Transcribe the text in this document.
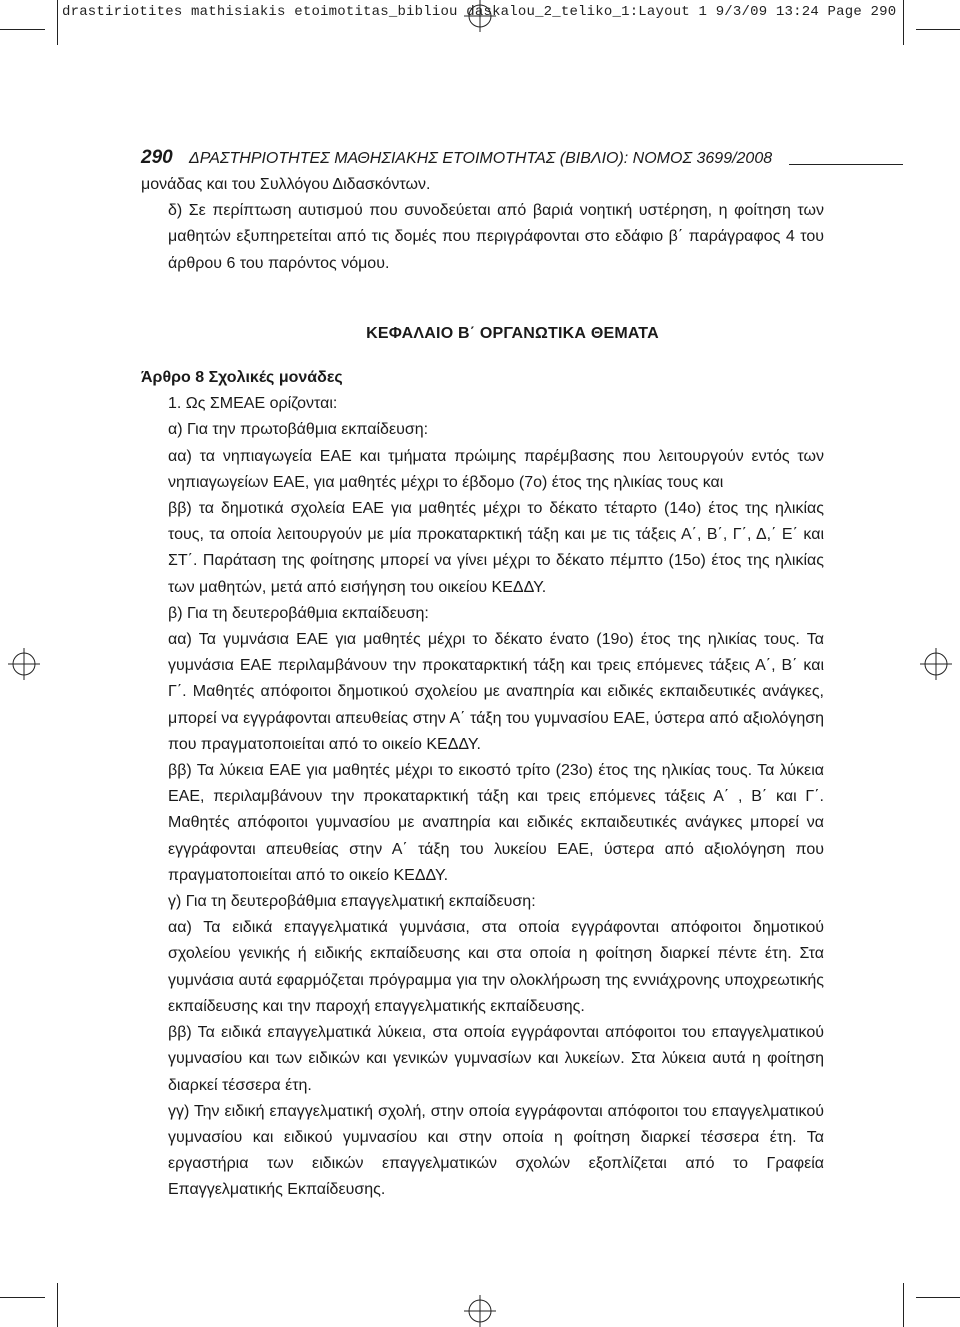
drastiriotites mathisiakis etoimotitas_bibliou daskalou_2_teliko_1:Layout 1 9/3/09 13:24 Page 290
290 ΔΡΑΣΤΗΡΙΟΤΗΤΕΣ ΜΑΘΗΣΙΑΚΗΣ ΕΤΟΙΜΟΤΗΤΑΣ (ΒΙΒΛΙΟ): ΝΟΜΟΣ 3699/2008

μονάδας και του Συλλόγου Διδασκόντων.

δ) Σε περίπτωση αυτισμού που συνοδεύεται από βαριά νοητική υστέρηση, η φοίτηση των μαθητών εξυπηρετείται από τις δομές που περιγράφονται στο εδάφιο β΄ παράγραφος 4 του άρθρου 6 του παρόντος νόμου.

ΚΕΦΑΛΑΙΟ Β΄ ΟΡΓΑΝΩΤΙΚΑ ΘΕΜΑΤΑ

Άρθρο 8 Σχολικές μονάδες

1. Ως ΣΜΕΑΕ ορίζονται:

α) Για την πρωτοβάθμια εκπαίδευση:

αα) τα νηπιαγωγεία ΕΑΕ και τμήματα πρώιμης παρέμβασης που λειτουργούν εντός των νηπιαγωγείων ΕΑΕ, για μαθητές μέχρι το έβδομο (7ο) έτος της ηλικίας τους και

ββ) τα δημοτικά σχολεία ΕΑΕ για μαθητές μέχρι το δέκατο τέταρτο (14ο) έτος της ηλικίας τους, τα οποία λειτουργούν με μία προκαταρκτική τάξη και με τις τάξεις Α΄, Β΄, Γ΄, Δ,΄ Ε΄ και ΣΤ΄. Παράταση της φοίτησης μπορεί να γίνει μέχρι το δέκατο πέμπτο (15ο) έτος της ηλικίας των μαθητών, μετά από εισήγηση του οικείου ΚΕΔΔΥ.

β) Για τη δευτεροβάθμια εκπαίδευση:

αα) Τα γυμνάσια ΕΑΕ για μαθητές μέχρι το δέκατο ένατο (19ο) έτος της ηλικίας τους. Τα γυμνάσια ΕΑΕ περιλαμβάνουν την προκαταρκτική τάξη και τρεις επόμενες τάξεις Α΄, Β΄ και Γ΄. Μαθητές απόφοιτοι δημοτικού σχολείου με αναπηρία και ειδικές εκπαιδευτικές ανάγκες, μπορεί να εγγράφονται απευθείας στην Α΄ τάξη του γυμνασίου ΕΑΕ, ύστερα από αξιολόγηση που πραγματοποιείται από το οικείο ΚΕΔΔΥ.

ββ) Τα λύκεια ΕΑΕ για μαθητές μέχρι το εικοστό τρίτο (23ο) έτος της ηλικίας τους. Τα λύκεια ΕΑΕ, περιλαμβάνουν την προκαταρκτική τάξη και τρεις επόμενες τάξεις Α΄ , Β΄ και Γ΄. Μαθητές απόφοιτοι γυμνασίου με αναπηρία και ειδικές εκπαιδευτικές ανάγκες μπορεί να εγγράφονται απευθείας στην Α΄ τάξη του λυκείου ΕΑΕ, ύστερα από αξιολόγηση που πραγματοποιείται από το οικείο ΚΕΔΔΥ.

γ) Για τη δευτεροβάθμια επαγγελματική εκπαίδευση:

αα) Τα ειδικά επαγγελματικά γυμνάσια, στα οποία εγγράφονται απόφοιτοι δημοτικού σχολείου γενικής ή ειδικής εκπαίδευσης και στα οποία η φοίτηση διαρκεί πέντε έτη. Στα γυμνάσια αυτά εφαρμόζεται πρόγραμμα για την ολοκλήρωση της εννιάχρονης υποχρεωτικής εκπαίδευσης και την παροχή επαγγελματικής εκπαίδευσης.

ββ) Τα ειδικά επαγγελματικά λύκεια, στα οποία εγγράφονται απόφοιτοι του επαγγελματικού γυμνασίου και των ειδικών και γενικών γυμνασίων και λυκείων. Στα λύκεια αυτά η φοίτηση διαρκεί τέσσερα έτη.

γγ) Την ειδική επαγγελματική σχολή, στην οποία εγγράφονται απόφοιτοι του επαγγελματικού γυμνασίου και ειδικού γυμνασίου και στην οποία η φοίτηση διαρκεί τέσσερα έτη. Τα εργαστήρια των ειδικών επαγγελματικών σχολών εξοπλίζεται από το Γραφεία Επαγγελματικής Εκπαίδευσης.
